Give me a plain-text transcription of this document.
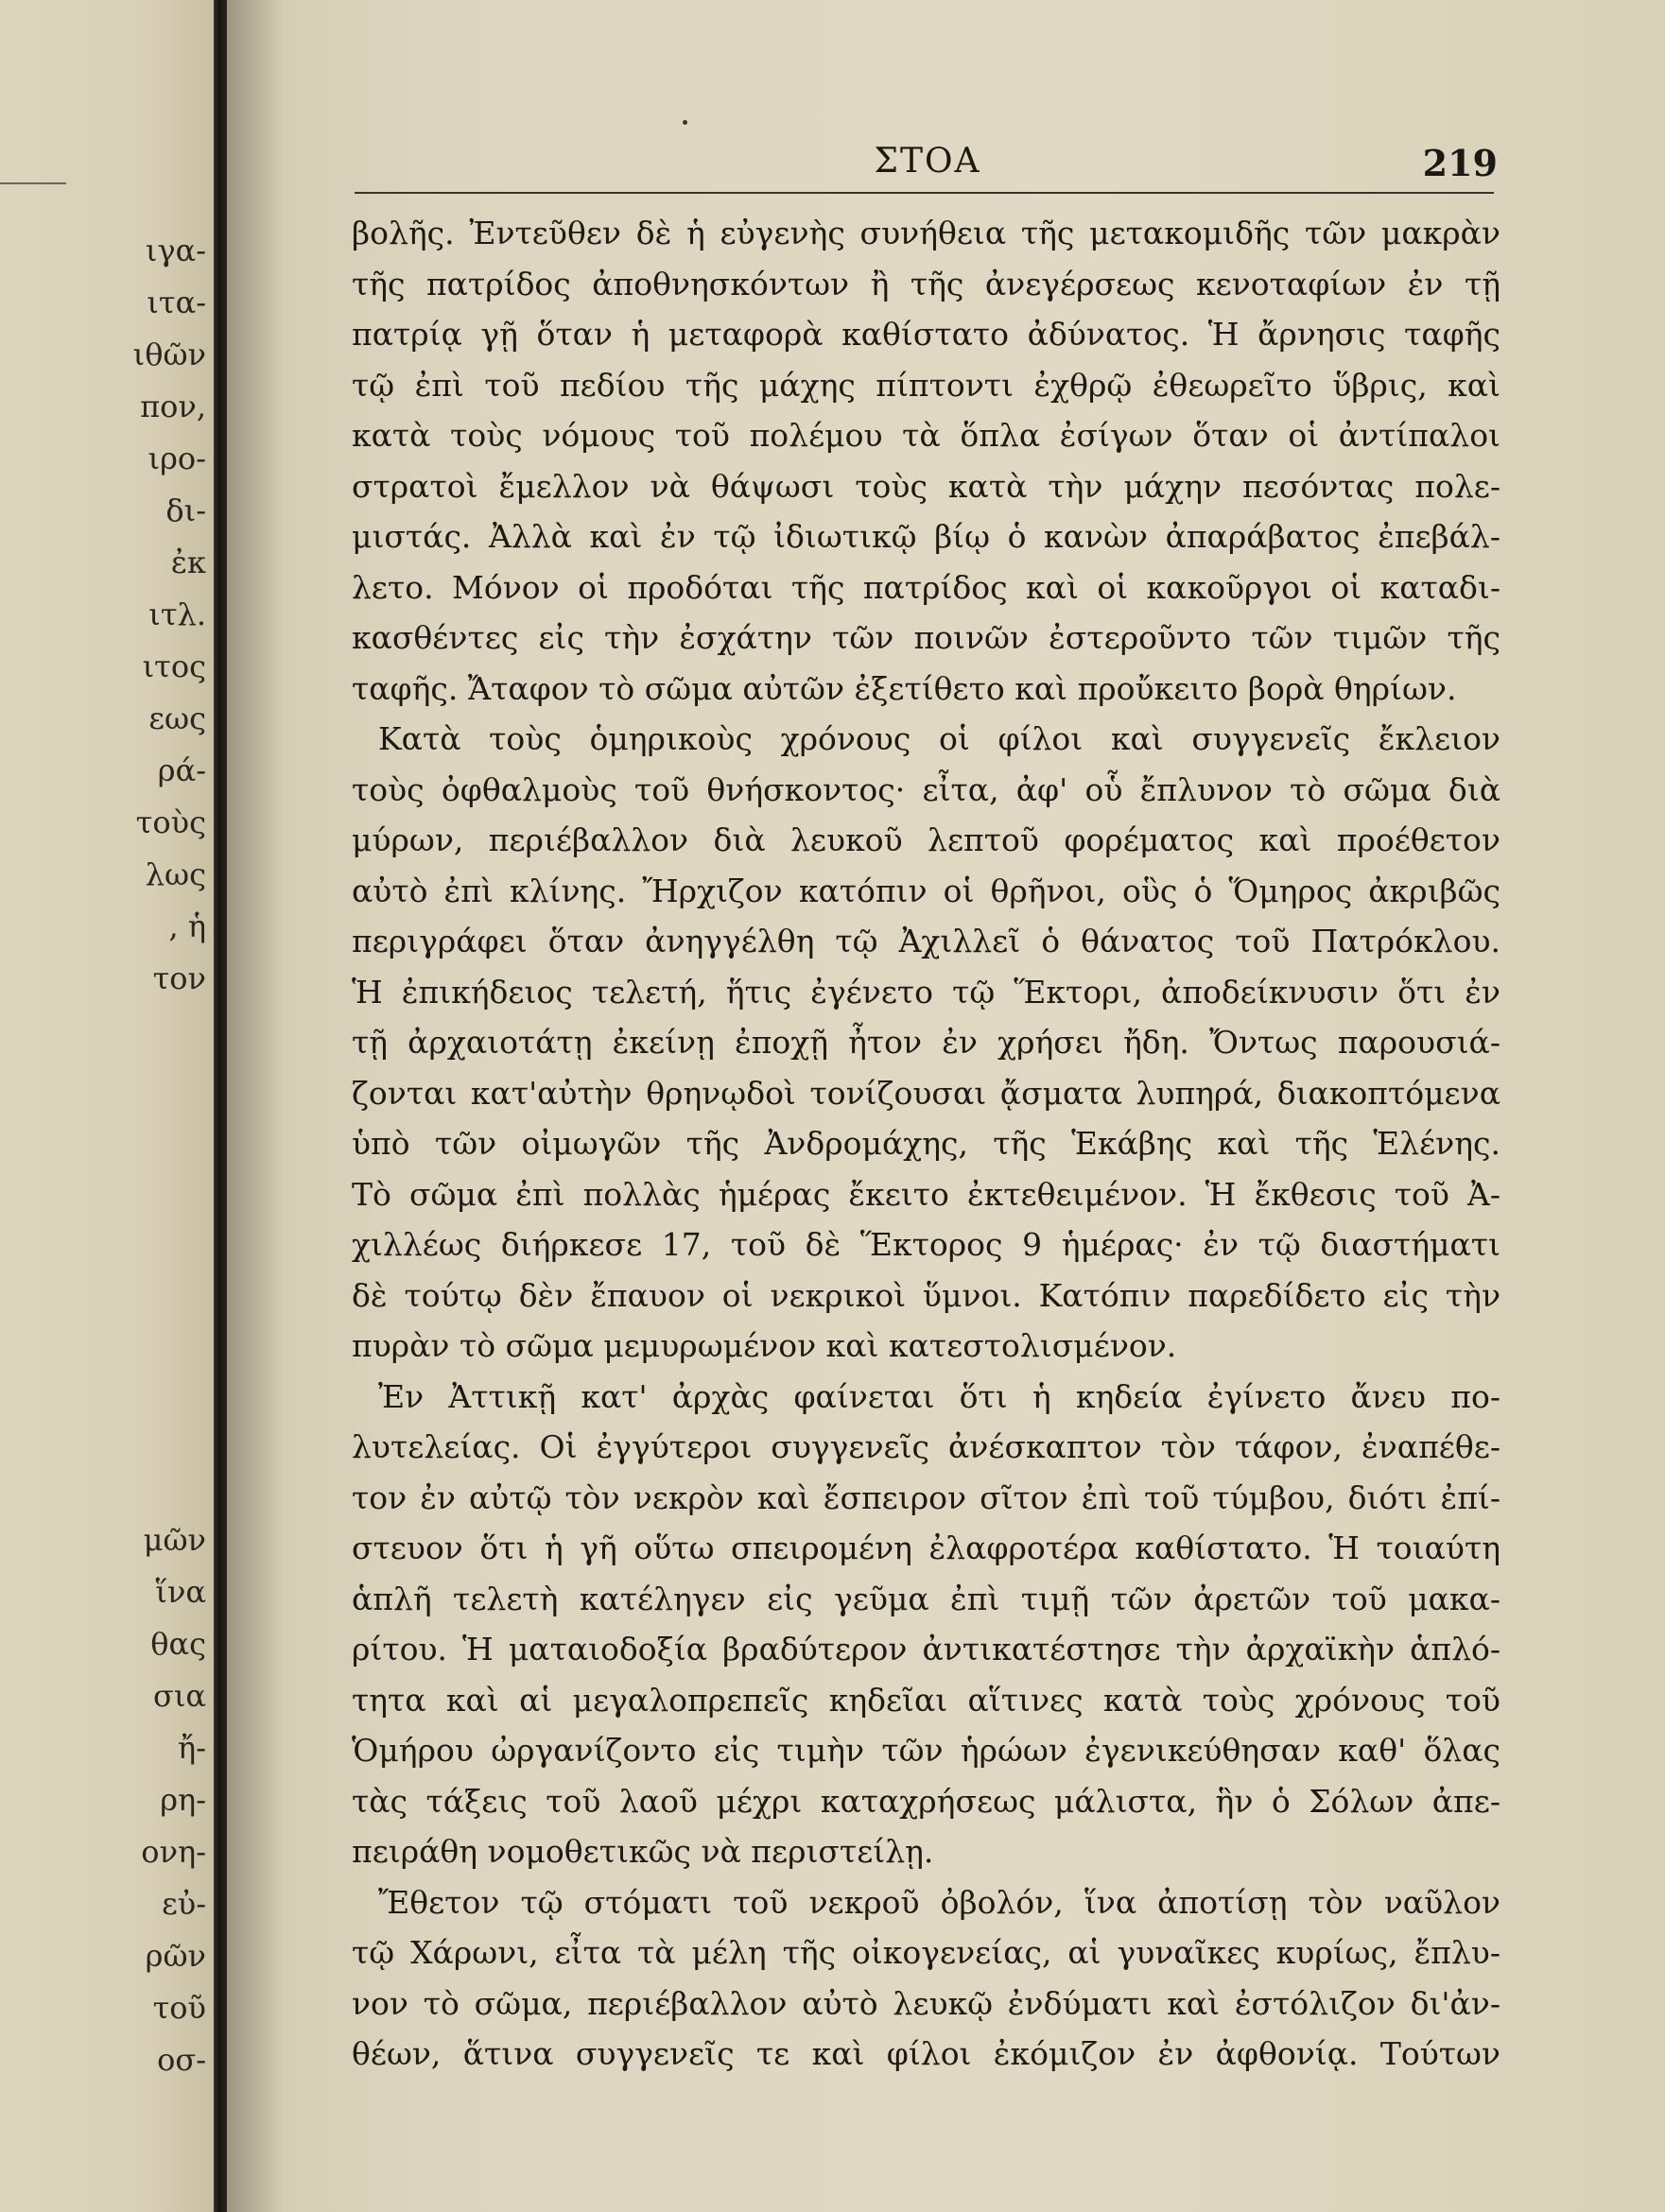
ιγα-
ιτα-
ιθῶν
πον,
ιρο-
δι-
ἐκ
ιτλ.
ιτος
εως
ρά-
τοὺς
λως
, ἡ
τον
μῶν
ἵνα
θας
σια
ἤ-
ρη-
ονη-
εὐ-
ρῶν
τοῦ
οσ-
ΣΤΟΑ	219
βολῆς. Ἐντεῦθεν δὲ ἡ εὐγενὴς συνήθεια τῆς μετακομιδῆς τῶν μακρὰν
τῆς πατρίδος ἀποθνησκόντων ἢ τῆς ἀνεγέρσεως κενοταφίων ἐν τῇ
πατρίᾳ γῇ ὅταν ἡ μεταφορὰ καθίστατο ἀδύνατος. Ἡ ἄρνησις ταφῆς
τῷ ἐπὶ τοῦ πεδίου τῆς μάχης πίπτοντι ἐχθρῷ ἐθεωρεῖτο ὕβρις, καὶ
κατὰ τοὺς νόμους τοῦ πολέμου τὰ ὅπλα ἐσίγων ὅταν οἱ ἀντίπαλοι
στρατοὶ ἔμελλον νὰ θάψωσι τοὺς κατὰ τὴν μάχην πεσόντας πολε-
μιστάς. Ἀλλὰ καὶ ἐν τῷ ἰδιωτικῷ βίῳ ὁ κανὼν ἀπαράβατος ἐπεβάλ-
λετο. Μόνον οἱ προδόται τῆς πατρίδος καὶ οἱ κακοῦργοι οἱ καταδι-
κασθέντες εἰς τὴν ἐσχάτην τῶν ποινῶν ἐστεροῦντο τῶν τιμῶν τῆς
ταφῆς. Ἄταφον τὸ σῶμα αὐτῶν ἐξετίθετο καὶ προὔκειτο βορὰ θηρίων.
Κατὰ τοὺς ὁμηρικοὺς χρόνους οἱ φίλοι καὶ συγγενεῖς ἔκλειον
τοὺς ὀφθαλμοὺς τοῦ θνήσκοντος· εἶτα, ἀφ' οὗ ἔπλυνον τὸ σῶμα διὰ
μύρων, περιέβαλλον διὰ λευκοῦ λεπτοῦ φορέματος καὶ προέθετον
αὐτὸ ἐπὶ κλίνης. Ἤρχιζον κατόπιν οἱ θρῆνοι, οὓς ὁ Ὅμηρος ἀκριβῶς
περιγράφει ὅταν ἀνηγγέλθη τῷ Ἀχιλλεῖ ὁ θάνατος τοῦ Πατρόκλου.
Ἡ ἐπικήδειος τελετή, ἥτις ἐγένετο τῷ Ἕκτορι, ἀποδείκνυσιν ὅτι ἐν
τῇ ἀρχαιοτάτῃ ἐκείνῃ ἐποχῇ ἦτον ἐν χρήσει ἤδη. Ὄντως παρουσιά-
ζονται κατ'αὐτὴν θρηνῳδοὶ τονίζουσαι ᾄσματα λυπηρά, διακοπτόμενα
ὑπὸ τῶν οἰμωγῶν τῆς Ἀνδρομάχης, τῆς Ἑκάβης καὶ τῆς Ἑλένης.
Τὸ σῶμα ἐπὶ πολλὰς ἡμέρας ἔκειτο ἐκτεθειμένον. Ἡ ἔκθεσις τοῦ Ἀ-
χιλλέως διήρκεσε 17, τοῦ δὲ Ἕκτορος 9 ἡμέρας· ἐν τῷ διαστήματι
δὲ τούτῳ δὲν ἔπαυον οἱ νεκρικοὶ ὕμνοι. Κατόπιν παρεδίδετο εἰς τὴν
πυρὰν τὸ σῶμα μεμυρωμένον καὶ κατεστολισμένον.
Ἐν Ἀττικῇ κατ' ἀρχὰς φαίνεται ὅτι ἡ κηδεία ἐγίνετο ἄνευ πο-
λυτελείας. Οἱ ἐγγύτεροι συγγενεῖς ἀνέσκαπτον τὸν τάφον, ἐναπέθε-
τον ἐν αὐτῷ τὸν νεκρὸν καὶ ἔσπειρον σῖτον ἐπὶ τοῦ τύμβου, διότι ἐπί-
στευον ὅτι ἡ γῆ οὕτω σπειρομένη ἐλαφροτέρα καθίστατο. Ἡ τοιαύτη
ἁπλῆ τελετὴ κατέληγεν εἰς γεῦμα ἐπὶ τιμῇ τῶν ἀρετῶν τοῦ μακα-
ρίτου. Ἡ ματαιοδοξία βραδύτερον ἀντικατέστησε τὴν ἀρχαϊκὴν ἁπλό-
τητα καὶ αἱ μεγαλοπρεπεῖς κηδεῖαι αἵτινες κατὰ τοὺς χρόνους τοῦ
Ὁμήρου ὠργανίζοντο εἰς τιμὴν τῶν ἡρώων ἐγενικεύθησαν καθ' ὅλας
τὰς τάξεις τοῦ λαοῦ μέχρι καταχρήσεως μάλιστα, ἣν ὁ Σόλων ἀπε-
πειράθη νομοθετικῶς νὰ περιστείλῃ.
Ἔθετον τῷ στόματι τοῦ νεκροῦ ὀβολόν, ἵνα ἀποτίσῃ τὸν ναῦλον
τῷ Χάρωνι, εἶτα τὰ μέλη τῆς οἰκογενείας, αἱ γυναῖκες κυρίως, ἔπλυ-
νον τὸ σῶμα, περιέβαλλον αὐτὸ λευκῷ ἐνδύματι καὶ ἐστόλιζον δι'ἀν-
θέων, ἅτινα συγγενεῖς τε καὶ φίλοι ἐκόμιζον ἐν ἀφθονίᾳ. Τούτων
